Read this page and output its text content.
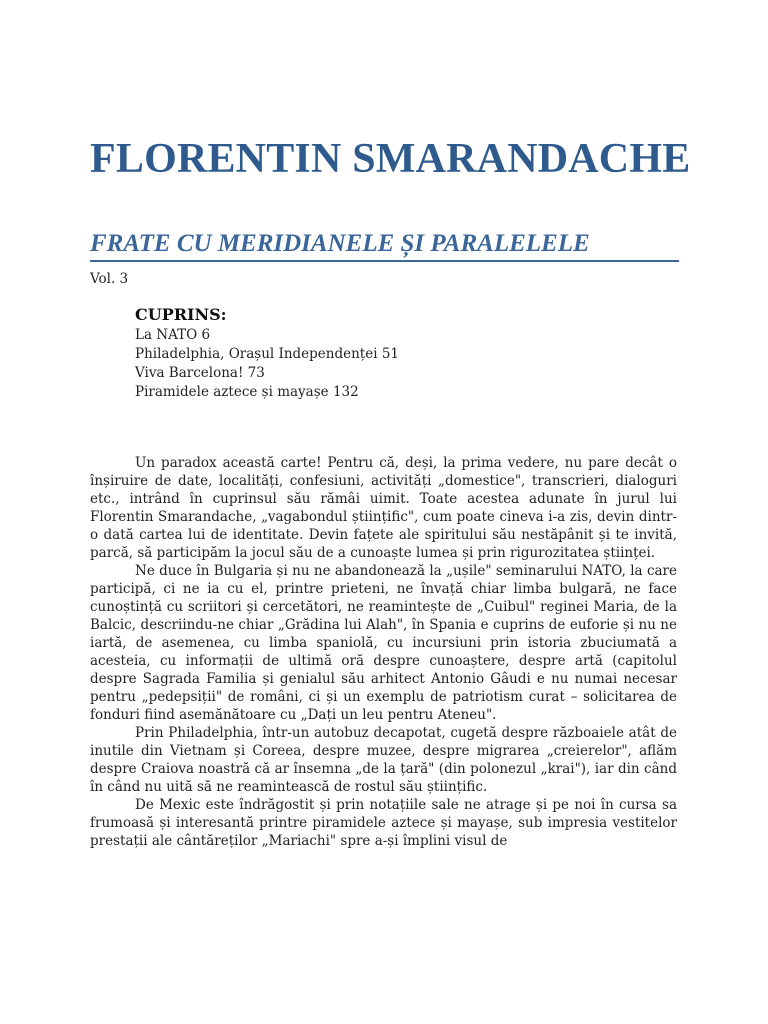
FLORENTIN SMARANDACHE
FRATE CU MERIDIANELE ȘI PARALELELE
Vol. 3
CUPRINS:
La NATO 6
Philadelphia, Orașul Independenței 51
Viva Barcelona! 73
Piramidele aztece și mayașe 132

Un paradox această carte! Pentru că, deși, la prima vedere, nu pare decât o înșiruire de date, localități, confesiuni, activități „domestice", transcrieri, dialoguri etc., intrând în cuprinsul său rămâi uimit. Toate acestea adunate în jurul lui Florentin Smarandache, „vagabondul științific", cum poate cineva i-a zis, devin dintr-o dată cartea lui de identitate. Devin fațete ale spiritului său nestăpânit și te invită, parcă, să participăm la jocul său de a cunoaște lumea și prin rigurozitatea științei.

Ne duce în Bulgaria și nu ne abandonează la „ușile" seminarului NATO, la care participă, ci ne ia cu el, printre prieteni, ne învață chiar limba bulgară, ne face cunoștință cu scriitori și cercetători, ne reamintește de „Cuibul" reginei Maria, de la Balcic, descriindu-ne chiar „Grădina lui Alah", în Spania e cuprins de euforie și nu ne iartă, de asemenea, cu limba spaniolă, cu incursiuni prin istoria zbuciumată a acesteia, cu informații de ultimă oră despre cunoaștere, despre artă (capitolul despre Sagrada Familia și genialul său arhitect Antonio Gâudi e nu numai necesar pentru „pedepsiții" de români, ci și un exemplu de patriotism curat – solicitarea de fonduri fiind asemănătoare cu „Dați un leu pentru Ateneu".

Prin Philadelphia, într-un autobuz decapotat, cugetă despre războaiele atât de inutile din Vietnam și Coreea, despre muzee, despre migrarea „creierelor", aflăm despre Craiova noastră că ar însemna „de la țară" (din polonezul „krai"), iar din când în când nu uită să ne reamintească de rostul său științific.

De Mexic este îndrăgostit și prin notațiile sale ne atrage și pe noi în cursa sa frumoasă și interesantă printre piramidele aztece și mayașe, sub impresia vestitelor prestații ale cântăreților „Mariachi" spre a-și împlini visul de
